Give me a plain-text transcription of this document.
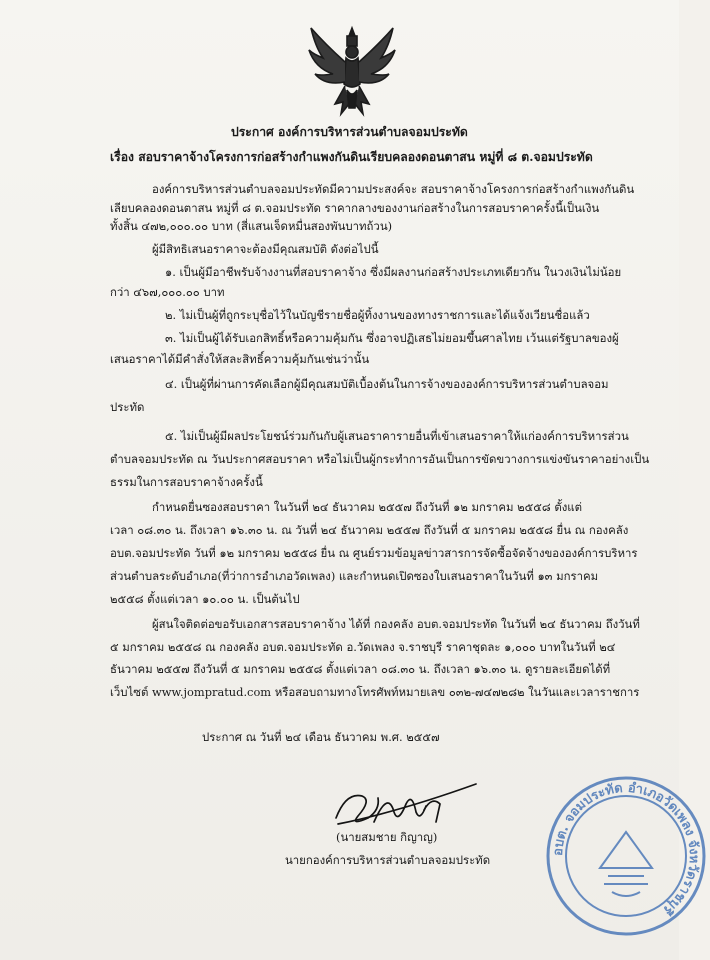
ประกาศ องค์การบริหารส่วนตำบลจอมประทัด
เรื่อง สอบราคาจ้างโครงการก่อสร้างกำแพงกันดินเรียบคลองดอนตาสน หมู่ที่ ๘ ต.จอมประทัด
องค์การบริหารส่วนตำบลจอมประทัดมีความประสงค์จะ สอบราคาจ้างโครงการก่อสร้างกำแพงกันดิน
เลียบคลองดอนตาสน หมู่ที่ ๘ ต.จอมประทัด ราคากลางของงานก่อสร้างในการสอบราคาครั้งนี้เป็นเงิน
ทั้งสิ้น ๔๗๒,๐๐๐.๐๐ บาท (สี่แสนเจ็ดหมื่นสองพันบาทถ้วน)
ผู้มีสิทธิเสนอราคาจะต้องมีคุณสมบัติ ดังต่อไปนี้
๑. เป็นผู้มีอาชีพรับจ้างงานที่สอบราคาจ้าง ซึ่งมีผลงานก่อสร้างประเภทเดียวกัน ในวงเงินไม่น้อย
กว่า ๔๖๗,๐๐๐.๐๐ บาท
๒. ไม่เป็นผู้ที่ถูกระบุชื่อไว้ในบัญชีรายชื่อผู้ทิ้งงานของทางราชการและได้แจ้งเวียนชื่อแล้ว
๓. ไม่เป็นผู้ได้รับเอกสิทธิ์หรือความคุ้มกัน ซึ่งอาจปฏิเสธไม่ยอมขึ้นศาลไทย เว้นแต่รัฐบาลของผู้
เสนอราคาได้มีคำสั่งให้สละสิทธิ์ความคุ้มกันเช่นว่านั้น
๔. เป็นผู้ที่ผ่านการคัดเลือกผู้มีคุณสมบัติเบื้องต้นในการจ้างขององค์การบริหารส่วนตำบลจอม
ประทัด
๕. ไม่เป็นผู้มีผลประโยชน์ร่วมกันกับผู้เสนอราคารายอื่นที่เข้าเสนอราคาให้แก่องค์การบริหารส่วน
ตำบลจอมประทัด ณ วันประกาศสอบราคา หรือไม่เป็นผู้กระทำการอันเป็นการขัดขวางการแข่งขันราคาอย่างเป็น
ธรรมในการสอบราคาจ้างครั้งนี้
กำหนดยื่นซองสอบราคา ในวันที่ ๒๔ ธันวาคม ๒๕๕๗ ถึงวันที่ ๑๒ มกราคม ๒๕๕๘ ตั้งแต่
เวลา ๐๘.๓๐ น. ถึงเวลา ๑๖.๓๐ น. ณ วันที่ ๒๔ ธันวาคม ๒๕๕๗ ถึงวันที่ ๕ มกราคม ๒๕๕๘ ยื่น ณ กองคลัง
อบต.จอมประทัด วันที่ ๑๒ มกราคม ๒๕๕๘ ยื่น ณ ศูนย์รวมข้อมูลข่าวสารการจัดซื้อจัดจ้างขององค์การบริหาร
ส่วนตำบลระดับอำเภอ(ที่ว่าการอำเภอวัดเพลง) และกำหนดเปิดซองใบเสนอราคาในวันที่ ๑๓ มกราคม
๒๕๕๘ ตั้งแต่เวลา ๑๐.๐๐ น. เป็นต้นไป
ผู้สนใจติดต่อขอรับเอกสารสอบราคาจ้าง ได้ที่ กองคลัง อบต.จอมประทัด ในวันที่ ๒๔ ธันวาคม ถึงวันที่
๕ มกราคม ๒๕๕๘ ณ กองคลัง อบต.จอมประทัด อ.วัดเพลง จ.ราชบุรี ราคาชุดละ ๑,๐๐๐ บาทในวันที่ ๒๔
ธันวาคม ๒๕๕๗ ถึงวันที่ ๕ มกราคม ๒๕๕๘ ตั้งแต่เวลา ๐๘.๓๐ น. ถึงเวลา ๑๖.๓๐ น. ดูรายละเอียดได้ที่
เว็บไซต์ www.jompratud.com หรือสอบถามทางโทรศัพท์หมายเลข ๐๓๒-๗๔๗๒๘๒ ในวันและเวลาราชการ
ประกาศ ณ วันที่ ๒๔ เดือน ธันวาคม พ.ศ. ๒๕๕๗
(นายสมชาย กิญาญ)
นายกองค์การบริหารส่วนตำบลจอมประทัด
อบต. จอมประทัด อำเภอวัดเพลง จังหวัดราชบุรี
